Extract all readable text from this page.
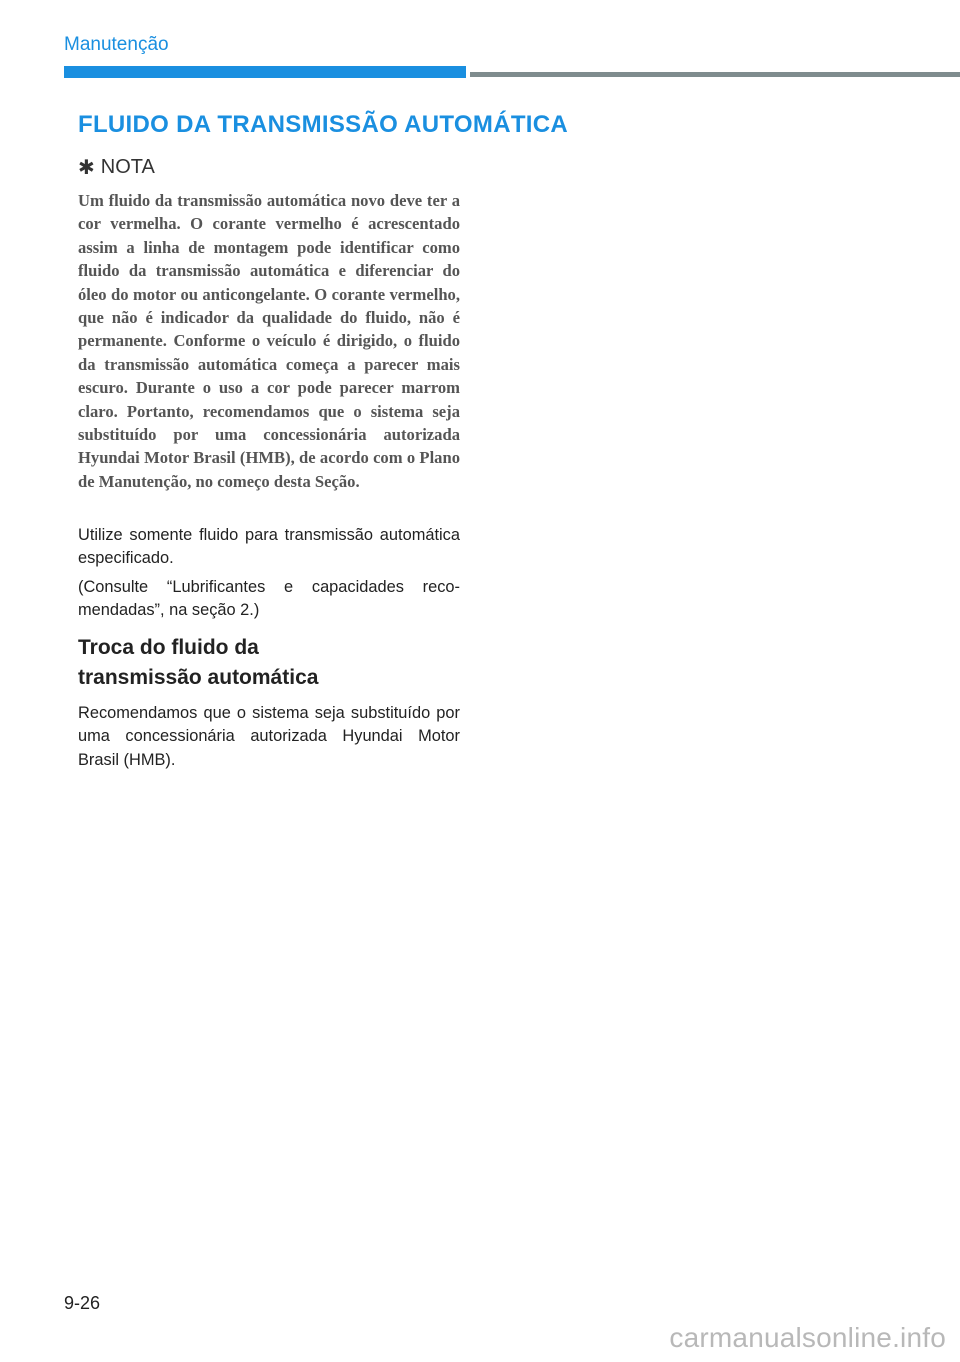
Manutenção
FLUIDO DA TRANSMISSÃO AUTOMÁTICA
✱ NOTA
Um fluido da transmissão automática novo deve ter a cor vermelha. O corante vermelho é acrescentado assim a linha de montagem pode identificar como fluido da transmissão automática e diferenciar do óleo do motor ou anticongelante. O corante vermelho, que não é indicador da qualidade do fluido, não é permanente. Conforme o veículo é dirigido, o fluido da transmissão automática começa a parecer mais escuro. Durante o uso a cor pode parecer marrom claro. Portanto, recomendamos que o sistema seja substituído por uma concessionária autorizada Hyundai Motor Brasil (HMB), de acordo com o Plano de Manutenção, no começo desta Seção.
Utilize somente fluido para transmissão automática especificado.
(Consulte “Lubrificantes e capacidades recomendadas”, na seção 2.)
Troca do fluido da
transmissão automática
Recomendamos que o sistema seja substituído por uma concessionária autorizada Hyundai Motor Brasil (HMB).
9-26
carmanualsonline.info
